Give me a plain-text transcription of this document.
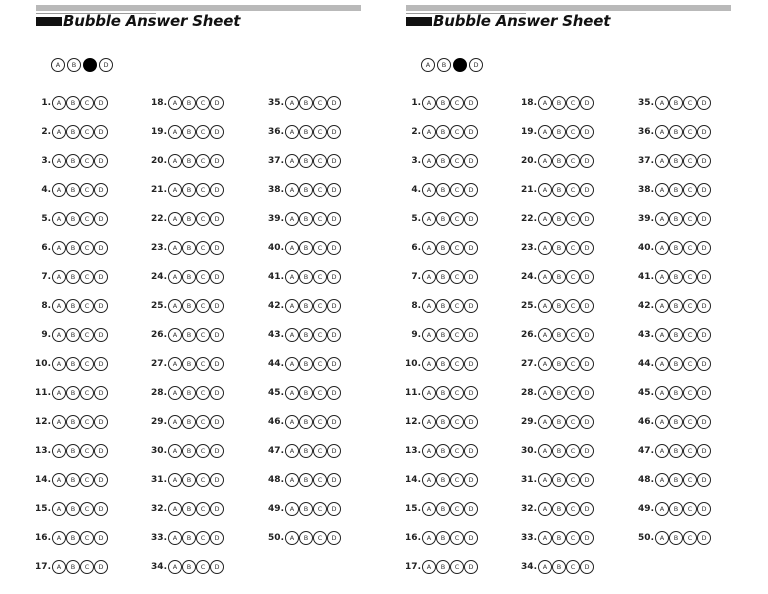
Bubble Answer Sheet
A	B	D
1. A	B	C	D
2. A	B	C	D
3. A	B	C	D
4. A	B	C	D
5. A	B	C	D
6. A	B	C	D
7. A	B	C	D
8. A	B	C	D
9. A	B	C	D
10. A	B	C	D
11. A	B	C	D
12. A	B	C	D
13. A	B	C	D
14. A	B	C	D
15. A	B	C	D
16. A	B	C	D
17. A	B	C	D
18. A	B	C	D
19. A	B	C	D
20. A	B	C	D
21. A	B	C	D
22. A	B	C	D
23. A	B	C	D
24. A	B	C	D
25. A	B	C	D
26. A	B	C	D
27. A	B	C	D
28. A	B	C	D
29. A	B	C	D
30. A	B	C	D
31. A	B	C	D
32. A	B	C	D
33. A	B	C	D
34. A	B	C	D
35. A	B	C	D
36. A	B	C	D
37. A	B	C	D
38. A	B	C	D
39. A	B	C	D
40. A	B	C	D
41. A	B	C	D
42. A	B	C	D
43. A	B	C	D
44. A	B	C	D
45. A	B	C	D
46. A	B	C	D
47. A	B	C	D
48. A	B	C	D
49. A	B	C	D
50. A	B	C	D
Bubble Answer Sheet
A	B	D
1. A	B	C	D
2. A	B	C	D
3. A	B	C	D
4. A	B	C	D
5. A	B	C	D
6. A	B	C	D
7. A	B	C	D
8. A	B	C	D
9. A	B	C	D
10. A	B	C	D
11. A	B	C	D
12. A	B	C	D
13. A	B	C	D
14. A	B	C	D
15. A	B	C	D
16. A	B	C	D
17. A	B	C	D
18. A	B	C	D
19. A	B	C	D
20. A	B	C	D
21. A	B	C	D
22. A	B	C	D
23. A	B	C	D
24. A	B	C	D
25. A	B	C	D
26. A	B	C	D
27. A	B	C	D
28. A	B	C	D
29. A	B	C	D
30. A	B	C	D
31. A	B	C	D
32. A	B	C	D
33. A	B	C	D
34. A	B	C	D
35. A	B	C	D
36. A	B	C	D
37. A	B	C	D
38. A	B	C	D
39. A	B	C	D
40. A	B	C	D
41. A	B	C	D
42. A	B	C	D
43. A	B	C	D
44. A	B	C	D
45. A	B	C	D
46. A	B	C	D
47. A	B	C	D
48. A	B	C	D
49. A	B	C	D
50. A	B	C	D
